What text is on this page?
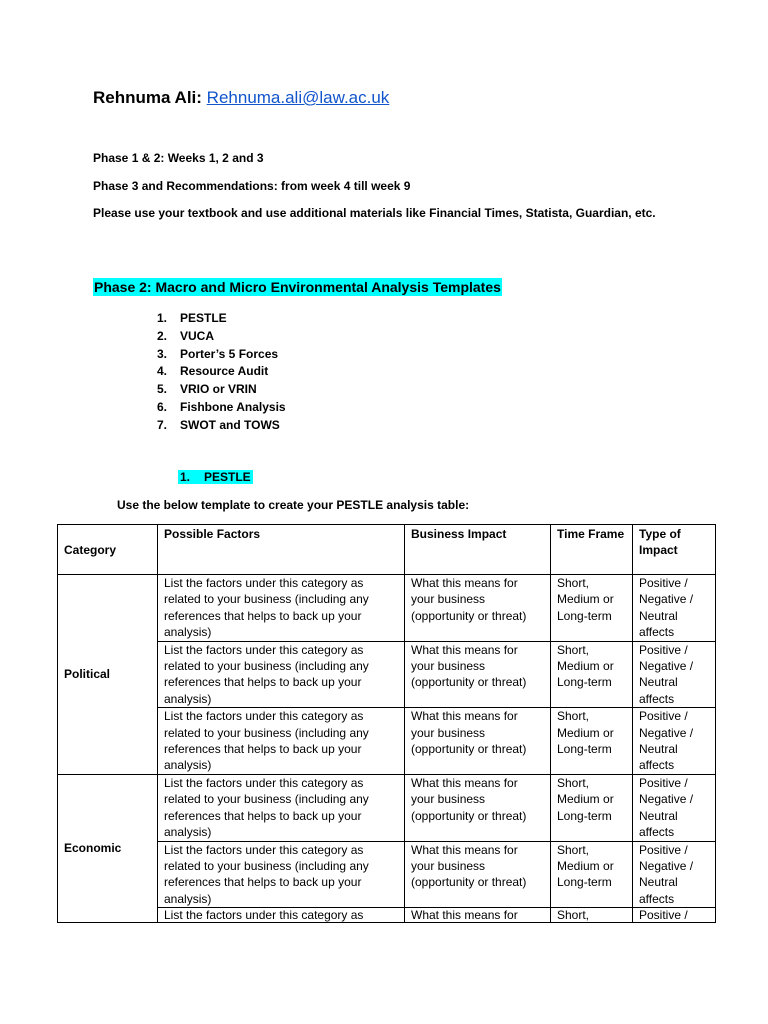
Rehnuma Ali: Rehnuma.ali@law.ac.uk
Phase 1 & 2: Weeks 1, 2 and 3
Phase 3 and Recommendations: from week 4 till week 9
Please use your textbook and use additional materials like Financial Times, Statista, Guardian, etc.
Phase 2: Macro and Micro Environmental Analysis Templates
1. PESTLE
2. VUCA
3. Porter’s 5 Forces
4. Resource Audit
5. VRIO or VRIN
6. Fishbone Analysis
7. SWOT and TOWS
1. PESTLE
Use the below template to create your PESTLE analysis table:
Category	Possible Factors	Business Impact	Time Frame	Type of Impact
Political	List the factors under this category as related to your business (including any references that helps to back up your analysis)	What this means for your business (opportunity or threat)	Short, Medium or Long-term	Positive / Negative / Neutral affects
	List the factors under this category as related to your business (including any references that helps to back up your analysis)	What this means for your business (opportunity or threat)	Short, Medium or Long-term	Positive / Negative / Neutral affects
	List the factors under this category as related to your business (including any references that helps to back up your analysis)	What this means for your business (opportunity or threat)	Short, Medium or Long-term	Positive / Negative / Neutral affects
Economic	List the factors under this category as related to your business (including any references that helps to back up your analysis)	What this means for your business (opportunity or threat)	Short, Medium or Long-term	Positive / Negative / Neutral affects
	List the factors under this category as related to your business (including any references that helps to back up your analysis)	What this means for your business (opportunity or threat)	Short, Medium or Long-term	Positive / Negative / Neutral affects
	List the factors under this category as	What this means for	Short,	Positive /
